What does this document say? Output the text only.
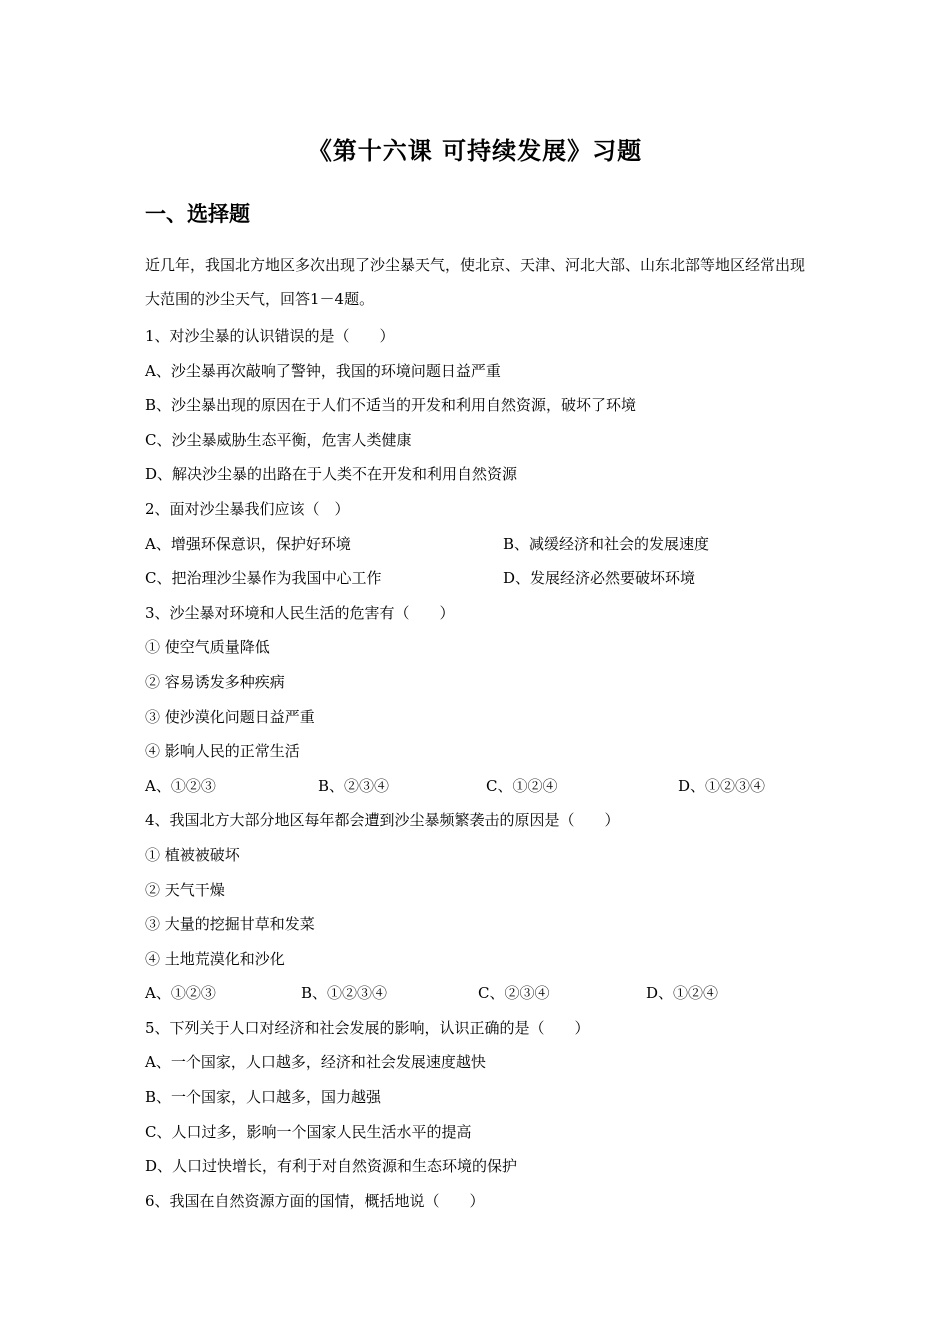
《第十六课 可持续发展》习题
一、选择题
近几年，我国北方地区多次出现了沙尘暴天气，使北京、天津、河北大部、山东北部等地区经常出现大范围的沙尘天气，回答1－4题。
1、对沙尘暴的认识错误的是（　　）
A、沙尘暴再次敲响了警钟，我国的环境问题日益严重
B、沙尘暴出现的原因在于人们不适当的开发和利用自然资源，破坏了环境
C、沙尘暴威胁生态平衡，危害人类健康
D、解决沙尘暴的出路在于人类不在开发和利用自然资源
2、面对沙尘暴我们应该（　）
A、增强环保意识，保护好环境	B、减缓经济和社会的发展速度
C、把治理沙尘暴作为我国中心工作	D、发展经济必然要破坏环境
3、沙尘暴对环境和人民生活的危害有（　　）
① 使空气质量降低
② 容易诱发多种疾病
③ 使沙漠化问题日益严重
④ 影响人民的正常生活
A、①②③	B、②③④	C、①②④	D、①②③④
4、我国北方大部分地区每年都会遭到沙尘暴频繁袭击的原因是（　　）
① 植被被破坏
② 天气干燥
③ 大量的挖掘甘草和发菜
④ 土地荒漠化和沙化
A、①②③	B、①②③④	C、②③④	D、①②④
5、下列关于人口对经济和社会发展的影响，认识正确的是（　　）
A、一个国家，人口越多，经济和社会发展速度越快
B、一个国家，人口越多，国力越强
C、人口过多，影响一个国家人民生活水平的提高
D、人口过快增长，有利于对自然资源和生态环境的保护
6、我国在自然资源方面的国情，概括地说（　　）
